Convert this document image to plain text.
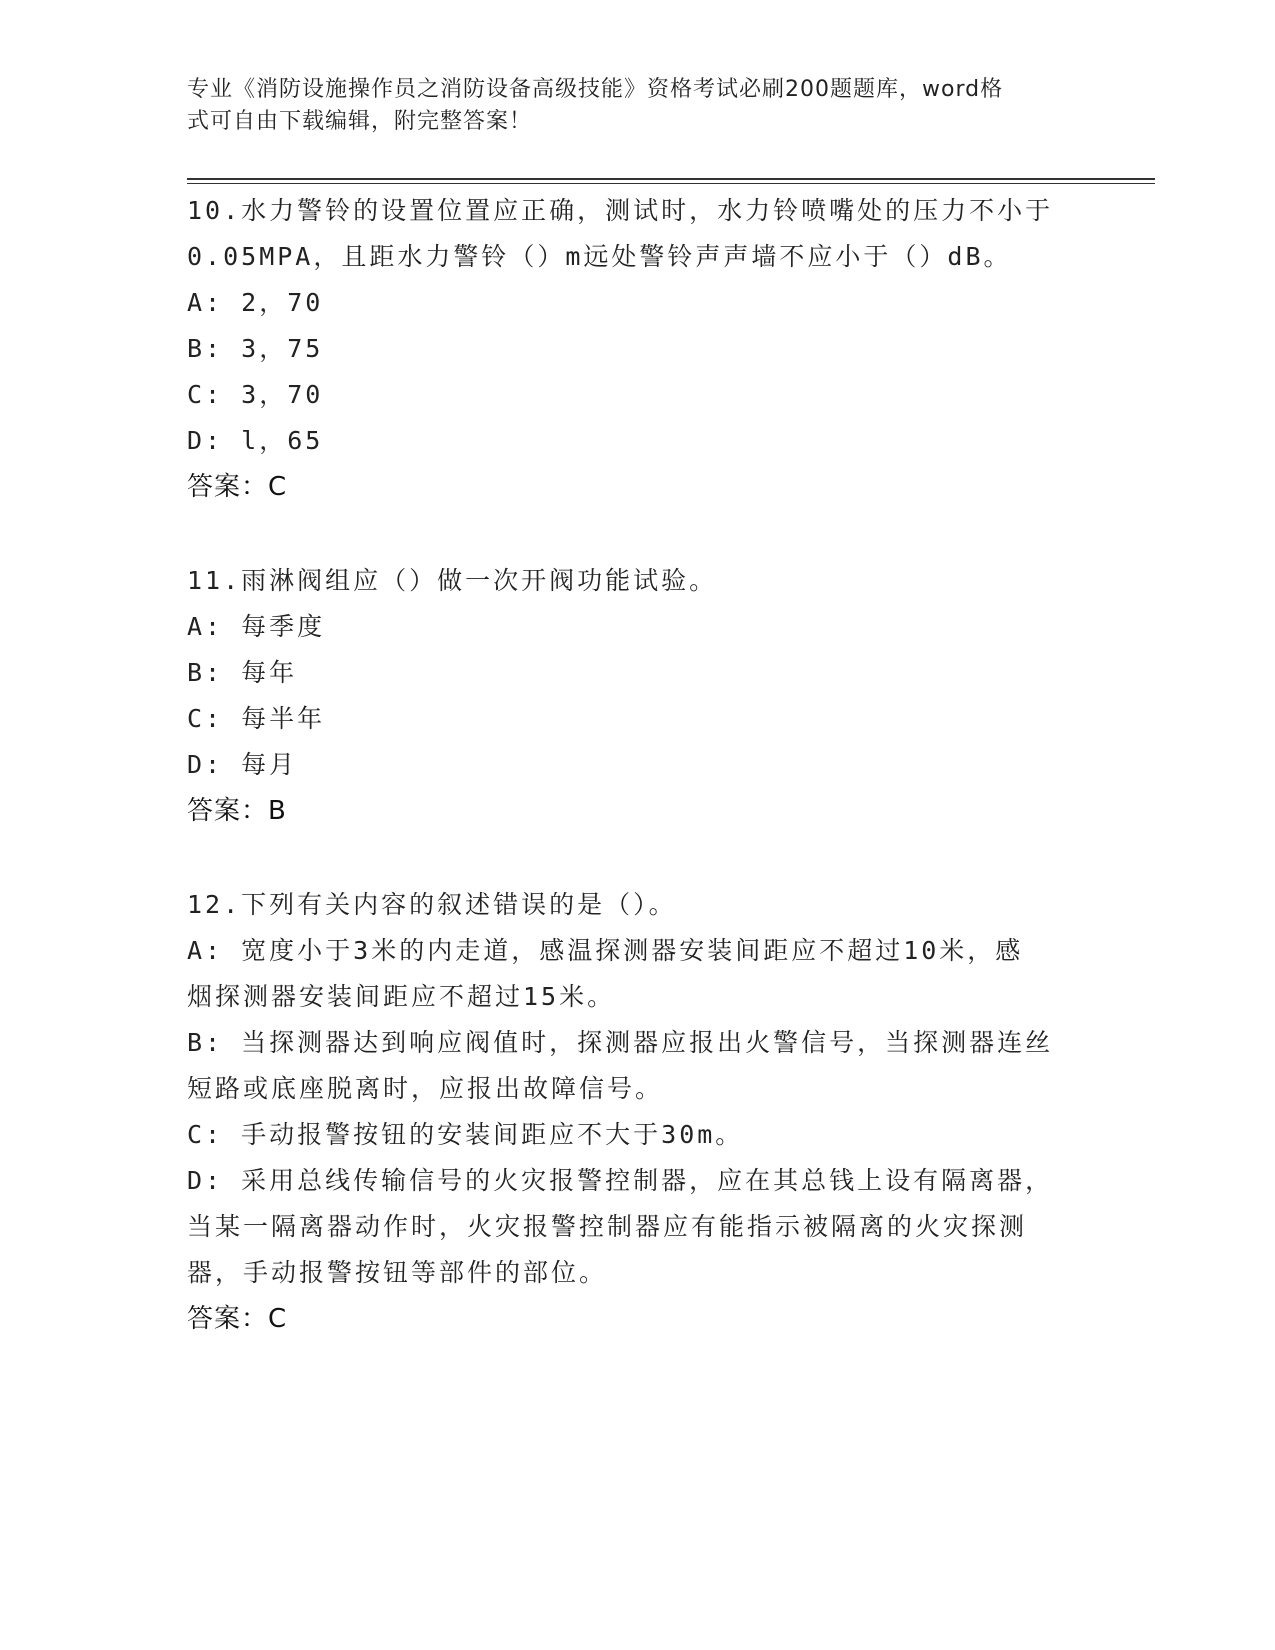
专业《消防设施操作员之消防设备高级技能》资格考试必刷200题题库，word格
式可自由下载编辑，附完整答案！
10.水力警铃的设置位置应正确，测试时，水力铃喷嘴处的压力不小于
0.05MPA，且距水力警铃（）m远处警铃声声墙不应小于（）dB。
A: 2，70
B: 3，75
C: 3，70
D: l，65
答案：C
11.雨淋阀组应（）做一次开阀功能试验。
A: 每季度
B: 每年
C: 每半年
D: 每月
答案：B
12.下列有关内容的叙述错误的是（）。
A: 宽度小于3米的内走道，感温探测器安装间距应不超过10米，感
烟探测器安装间距应不超过15米。
B: 当探测器达到响应阀值时，探测器应报出火警信号，当探测器连丝
短路或底座脱离时，应报出故障信号。
C: 手动报警按钮的安装间距应不大于30m。
D: 采用总线传输信号的火灾报警控制器，应在其总钱上设有隔离器，
当某一隔离器动作时，火灾报警控制器应有能指示被隔离的火灾探测
器，手动报警按钮等部件的部位。
答案：C
